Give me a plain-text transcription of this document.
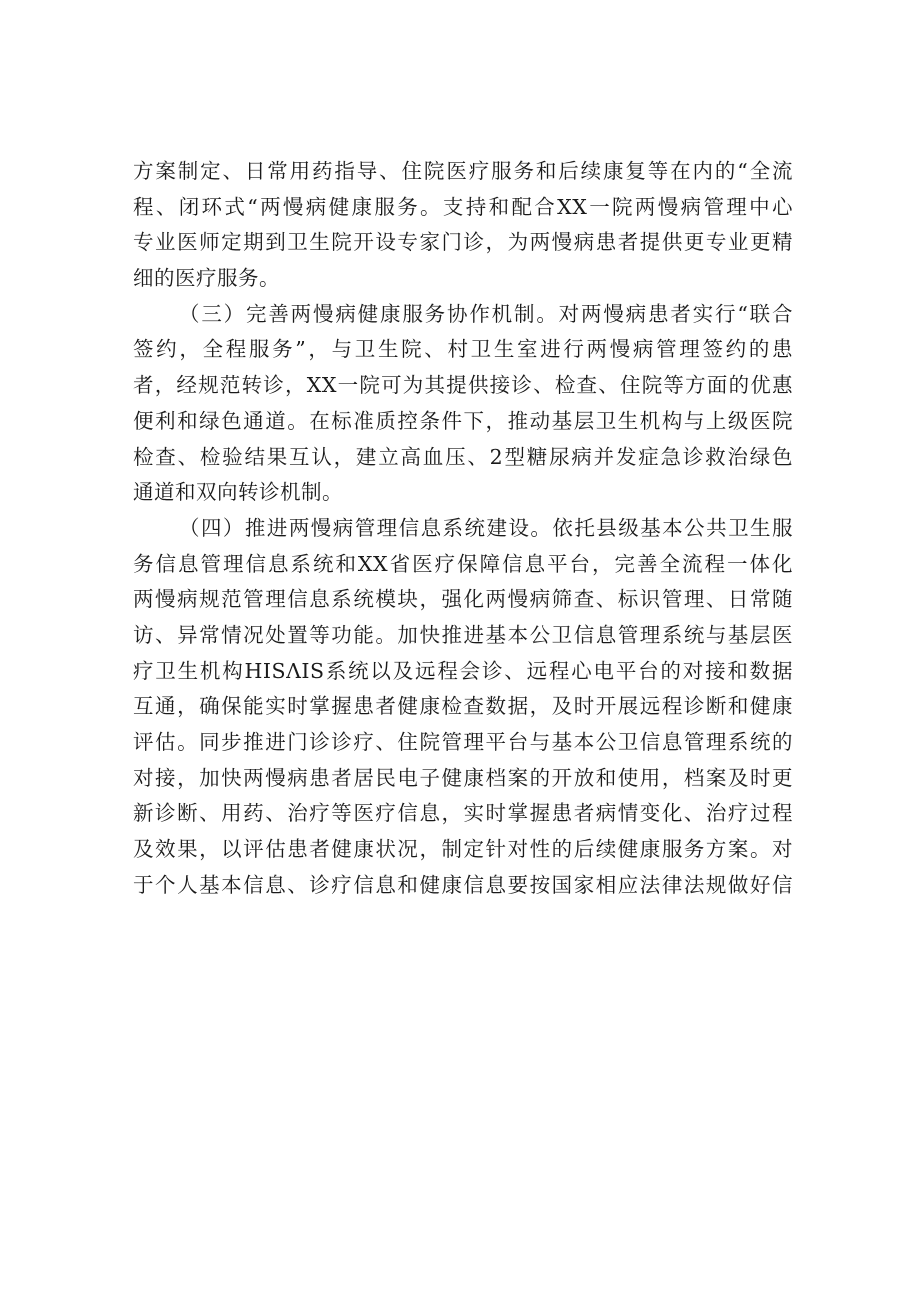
方案制定、日常用药指导、住院医疗服务和后续康复等在内的“全流
程、闭环式“两慢病健康服务。支持和配合XX一院两慢病管理中心
专业医师定期到卫生院开设专家门诊，为两慢病患者提供更专业更精
细的医疗服务。
（三）完善两慢病健康服务协作机制。对两慢病患者实行“联合
签约，全程服务”，与卫生院、村卫生室进行两慢病管理签约的患
者，经规范转诊，XX一院可为其提供接诊、检查、住院等方面的优惠
便利和绿色通道。在标准质控条件下，推动基层卫生机构与上级医院
检查、检验结果互认，建立高血压、2型糖尿病并发症急诊救治绿色
通道和双向转诊机制。
（四）推进两慢病管理信息系统建设。依托县级基本公共卫生服
务信息管理信息系统和XX省医疗保障信息平台，完善全流程一体化
两慢病规范管理信息系统模块，强化两慢病筛查、标识管理、日常随
访、异常情况处置等功能。加快推进基本公卫信息管理系统与基层医
疗卫生机构HISΛIS系统以及远程会诊、远程心电平台的对接和数据
互通，确保能实时掌握患者健康检查数据，及时开展远程诊断和健康
评估。同步推进门诊诊疗、住院管理平台与基本公卫信息管理系统的
对接，加快两慢病患者居民电子健康档案的开放和使用，档案及时更
新诊断、用药、治疗等医疗信息，实时掌握患者病情变化、治疗过程
及效果，以评估患者健康状况，制定针对性的后续健康服务方案。对
于个人基本信息、诊疗信息和健康信息要按国家相应法律法规做好信
